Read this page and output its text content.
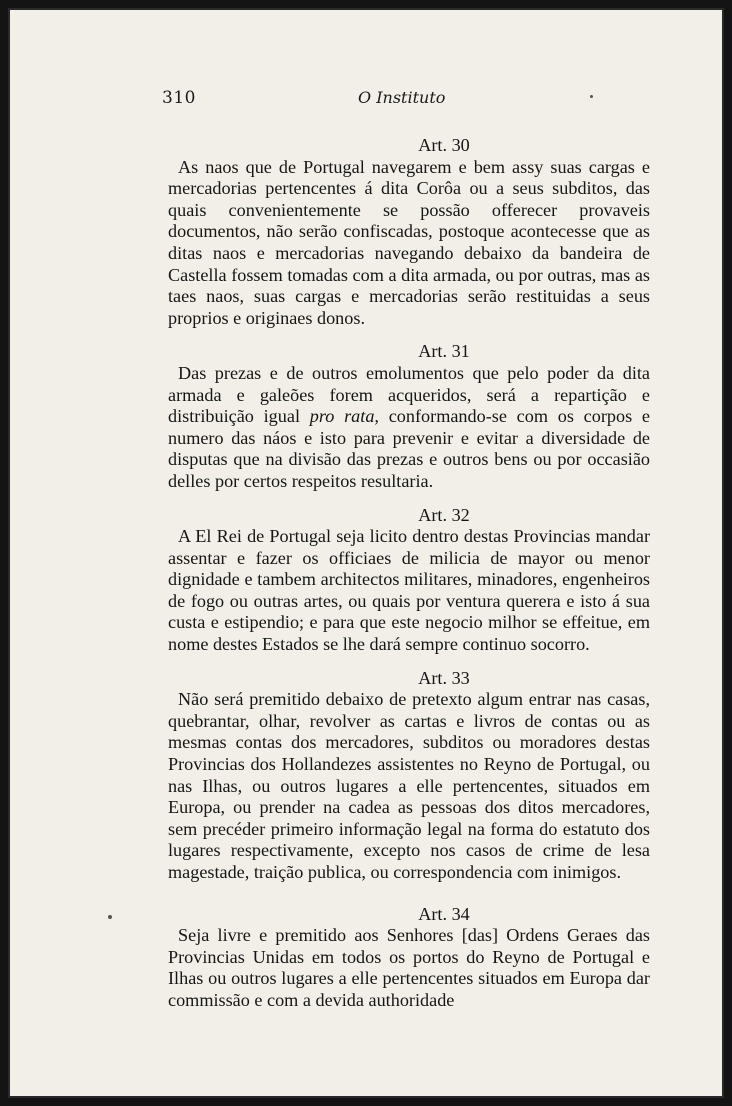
310	O Instituto

Art. 30

As naos que de Portugal navegarem e bem assy suas cargas e mercadorias pertencentes á dita Corôa ou a seus subditos, das quais convenientemente se possão offerecer provaveis documentos, não serão confiscadas, postoque acontecesse que as ditas naos e mercadorias navegando debaixo da bandeira de Castella fossem tomadas com a dita armada, ou por outras, mas as taes naos, suas cargas e mercadorias serão restituidas a seus proprios e originaes donos.

Art. 31

Das prezas e de outros emolumentos que pelo poder da dita armada e galeões forem acqueridos, será a repartição e distribuição igual pro rata, conformando-se com os corpos e numero das náos e isto para prevenir e evitar a diversidade de disputas que na divisão das prezas e outros bens ou por occasião delles por certos respeitos resultaria.

Art. 32

A El Rei de Portugal seja licito dentro destas Provincias mandar assentar e fazer os officiaes de milicia de mayor ou menor dignidade e tambem architectos militares, minadores, engenheiros de fogo ou outras artes, ou quais por ventura querera e isto á sua custa e estipendio; e para que este negocio milhor se effeitue, em nome destes Estados se lhe dará sempre continuo socorro.

Art. 33

Não será premitido debaixo de pretexto algum entrar nas casas, quebrantar, olhar, revolver as cartas e livros de contas ou as mesmas contas dos mercadores, subditos ou moradores destas Provincias dos Hollandezes assistentes no Reyno de Portugal, ou nas Ilhas, ou outros lugares a elle pertencentes, situados em Europa, ou prender na cadea as pessoas dos ditos mercadores, sem precéder primeiro informação legal na forma do estatuto dos lugares respectivamente, excepto nos casos de crime de lesa magestade, traição publica, ou correspondencia com inimigos.

Art. 34

Seja livre e premitido aos Senhores [das] Ordens Geraes das Provincias Unidas em todos os portos do Reyno de Portugal e Ilhas ou outros lugares a elle pertencentes situados em Europa dar commissão e com a devida authoridade
